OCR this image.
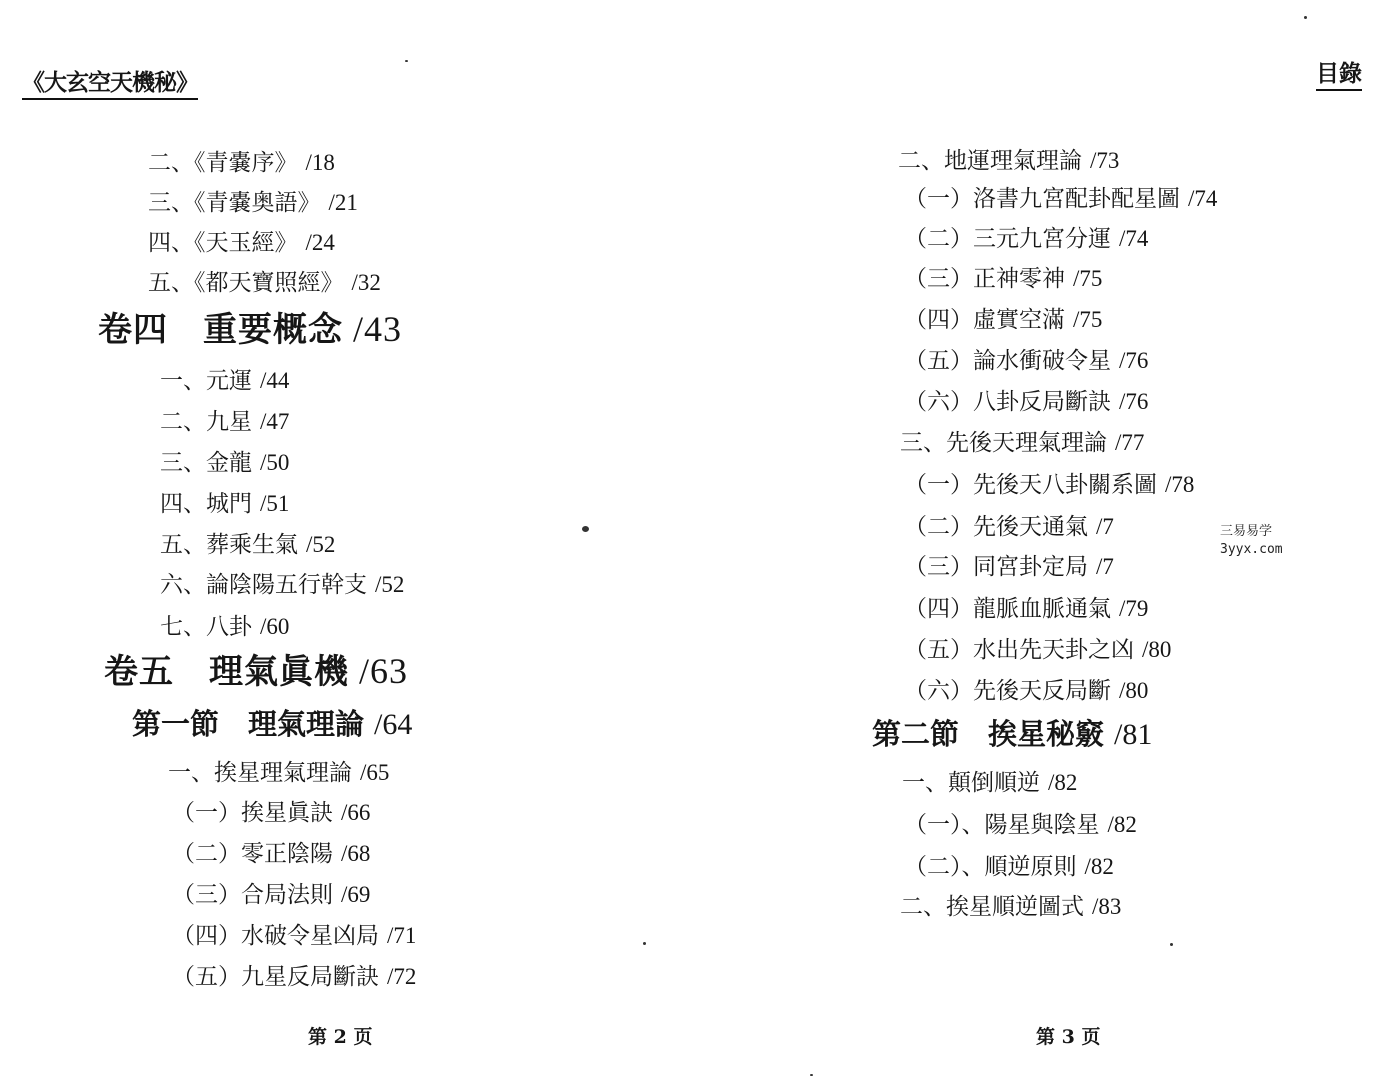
《大玄空天機秘》
二、《青嚢序》 /18
三、《青嚢奥語》 /21
四、《天玉經》 /24
五、《都天寶照經》 /32
卷四　重要概念 /43
一、元運 /44
二、九星 /47
三、金龍 /50
四、城門 /51
五、葬乘生氣 /52
六、論陰陽五行幹支 /52
七、八卦 /60
卷五　理氣眞機 /63
第一節　理氣理論 /64
一、挨星理氣理論 /65
（一）挨星眞訣 /66
（二）零正陰陽 /68
（三）合局法則 /69
（四）水破令星凶局 /71
（五）九星反局斷訣 /72
第 2 页
目錄
二、地運理氣理論 /73
（一）洛書九宮配卦配星圖 /74
（二）三元九宮分運 /74
（三）正神零神 /75
（四）虛實空滿 /75
（五）論水衝破令星 /76
（六）八卦反局斷訣 /76
三、先後天理氣理論 /77
（一）先後天八卦關系圖 /78
（二）先後天通氣 /7
（三）同宮卦定局 /7
（四）龍脈血脈通氣 /79
（五）水出先天卦之凶 /80
（六）先後天反局斷 /80
第二節　挨星秘竅 /81
一、顛倒順逆 /82
（一）、陽星與陰星 /82
（二）、順逆原則 /82
二、挨星順逆圖式 /83
三易易学
3yyx.com
第 3 页
